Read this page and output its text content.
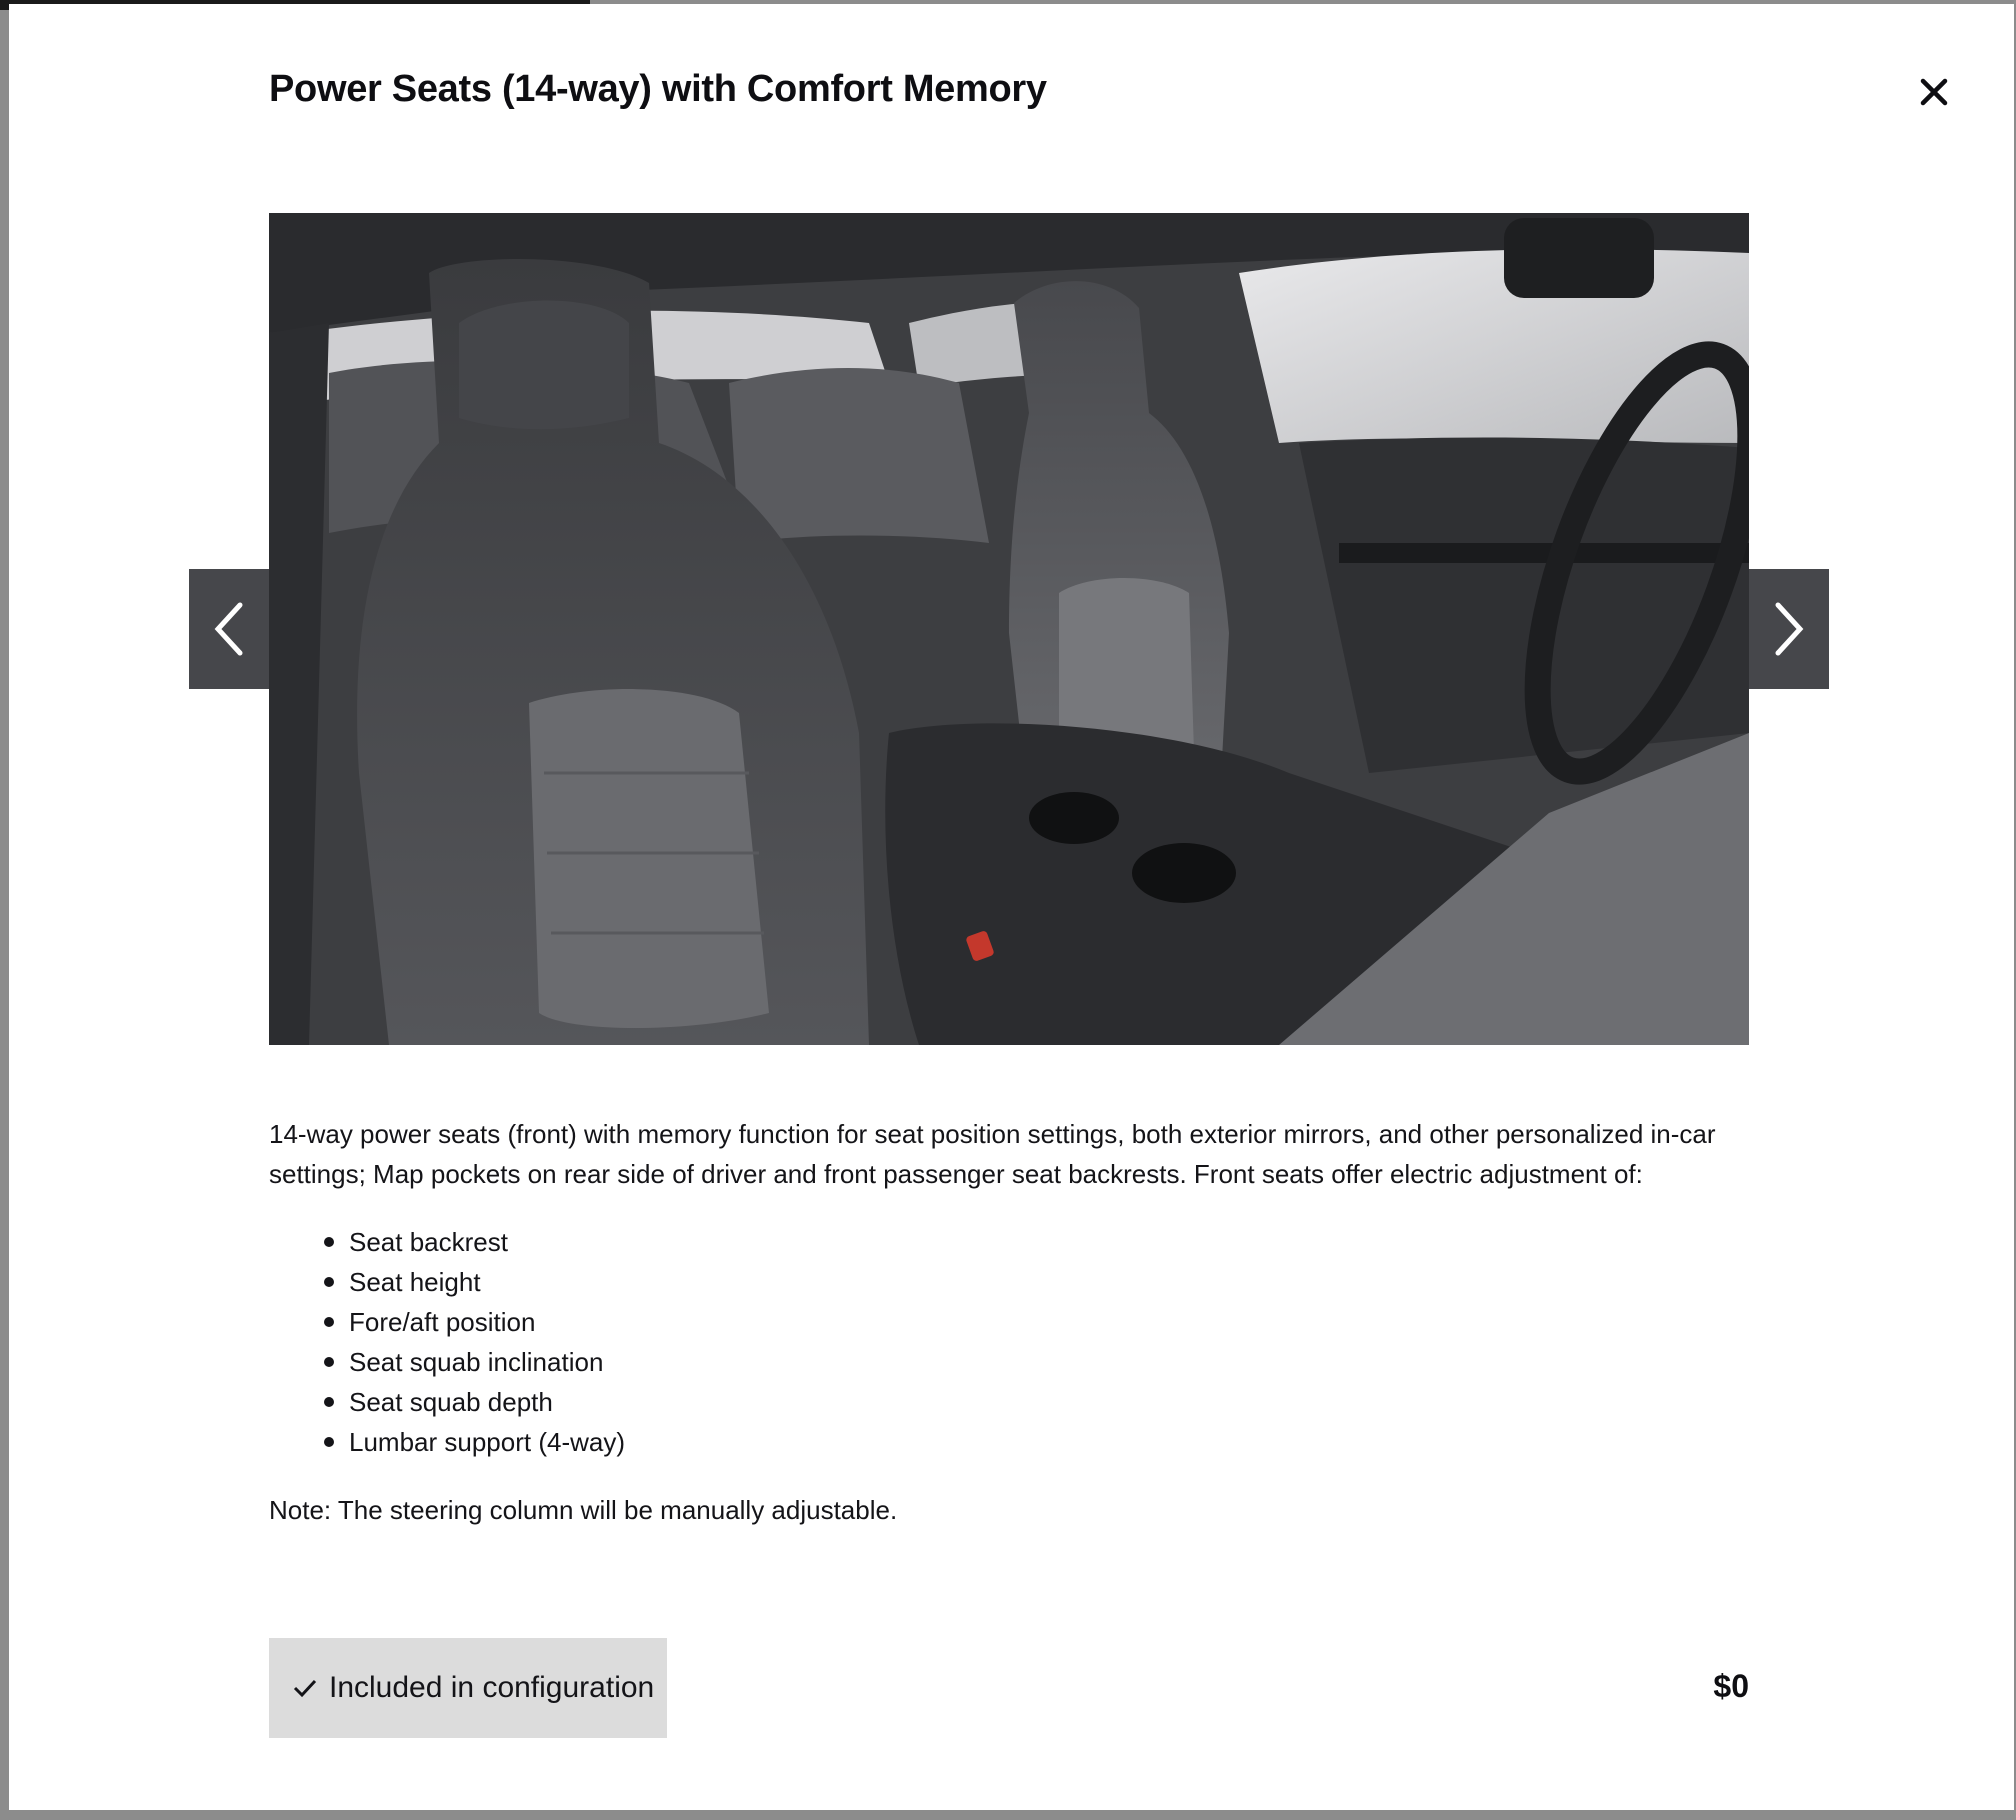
Power Seats (14-way) with Comfort Memory

14-way power seats (front) with memory function for seat position settings, both exterior mirrors, and other personalized in-car settings; Map pockets on rear side of driver and front passenger seat backrests. Front seats offer electric adjustment of:

Seat backrest
Seat height
Fore/aft position
Seat squab inclination
Seat squab depth
Lumbar support (4-way)

Note: The steering column will be manually adjustable.

Included in configuration	$0
